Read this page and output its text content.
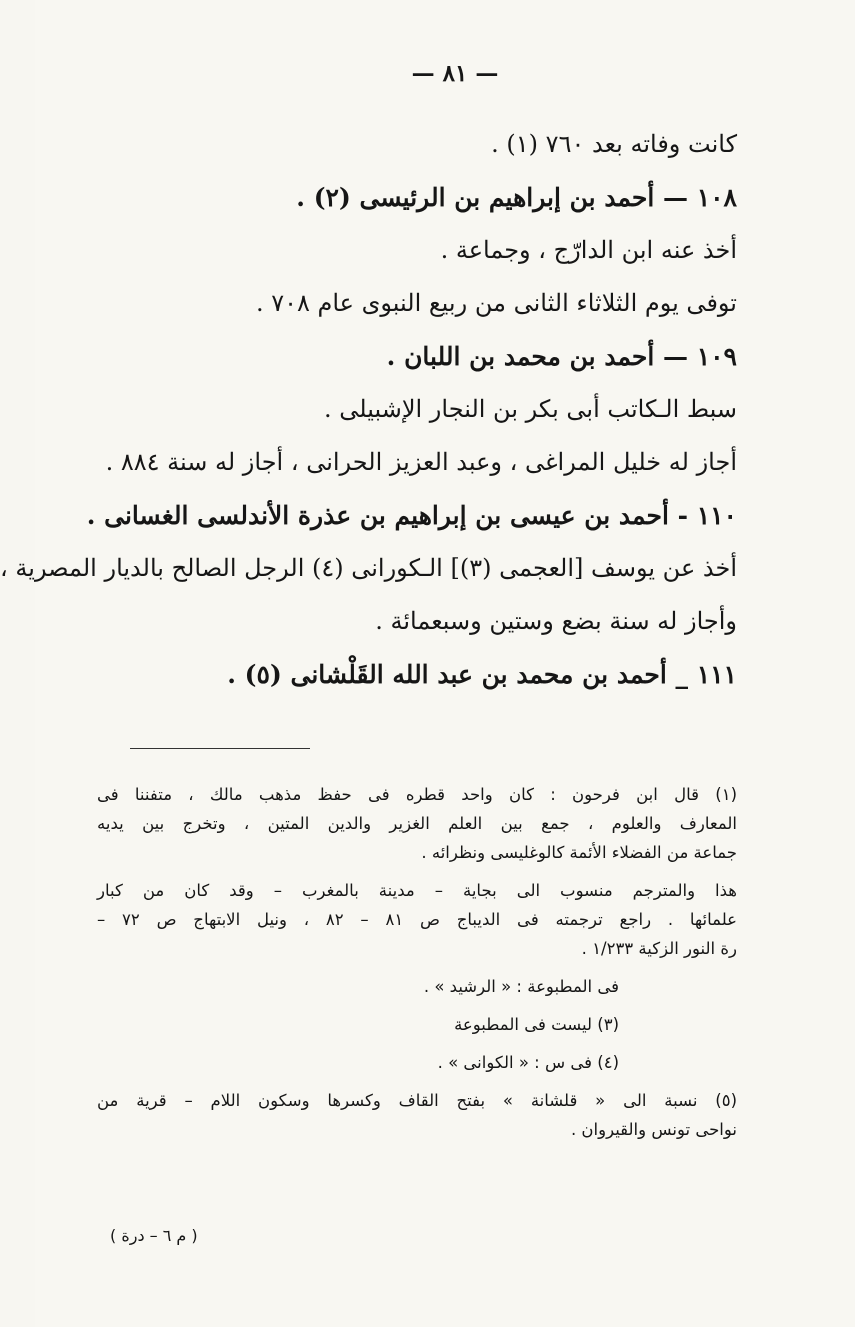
— ٨١ —
كانت وفاته بعد ٧٦٠ (١) .
١٠٨ — أحمد بن إبراهيم بن الرئيسى (٢) .
أخذ عنه ابن الدارّج ، وجماعة .
توفى يوم الثلاثاء الثانى من ربيع النبوى عام ٧٠٨ .
١٠٩ — أحمد بن محمد بن اللبان .
سبط الـكاتب أبى بكر بن النجار الإشبيلى .
أجاز له خليل المراغى ، وعبد العزيز الحرانى ، أجاز له سنة ٨٨٤ .
١١٠ - أحمد بن عيسى بن إبراهيم بن عذرة الأندلسى الغسانى .
أخذ عن يوسف [العجمى (٣)] الـكورانى (٤) الرجل الصالح بالديار المصرية ،
وأجاز له سنة بضع وستين وسبعمائة .
١١١ _ أحمد بن محمد بن عبد الله القَلْشانى (٥) .
(١) قال ابن فرحون : كان واحد قطره فى حفظ مذهب مالك ، متفننا فى
المعارف والعلوم ، جمع بين العلم الغزير والدين المتين ، وتخرج بين يديه
جماعة من الفضلاء الأئمة كالوغليسى ونظرائه .
هذا والمترجم منسوب الى بجاية – مدينة بالمغرب – وقد كان من كبار
علمائها . راجع ترجمته فى الديباج ص ٨١ – ٨٢ ، ونيل الابتهاج ص ٧٢ –
رة النور الزكية ١/٢٣٣ .
فى المطبوعة : « الرشيد » .
(٣) ليست فى المطبوعة
(٤) فى س : « الكوانى » .
(٥) نسبة الى « قلشانة » بفتح القاف وكسرها وسكون اللام – قرية من
نواحى تونس والقيروان .
( م ٦ – درة )
